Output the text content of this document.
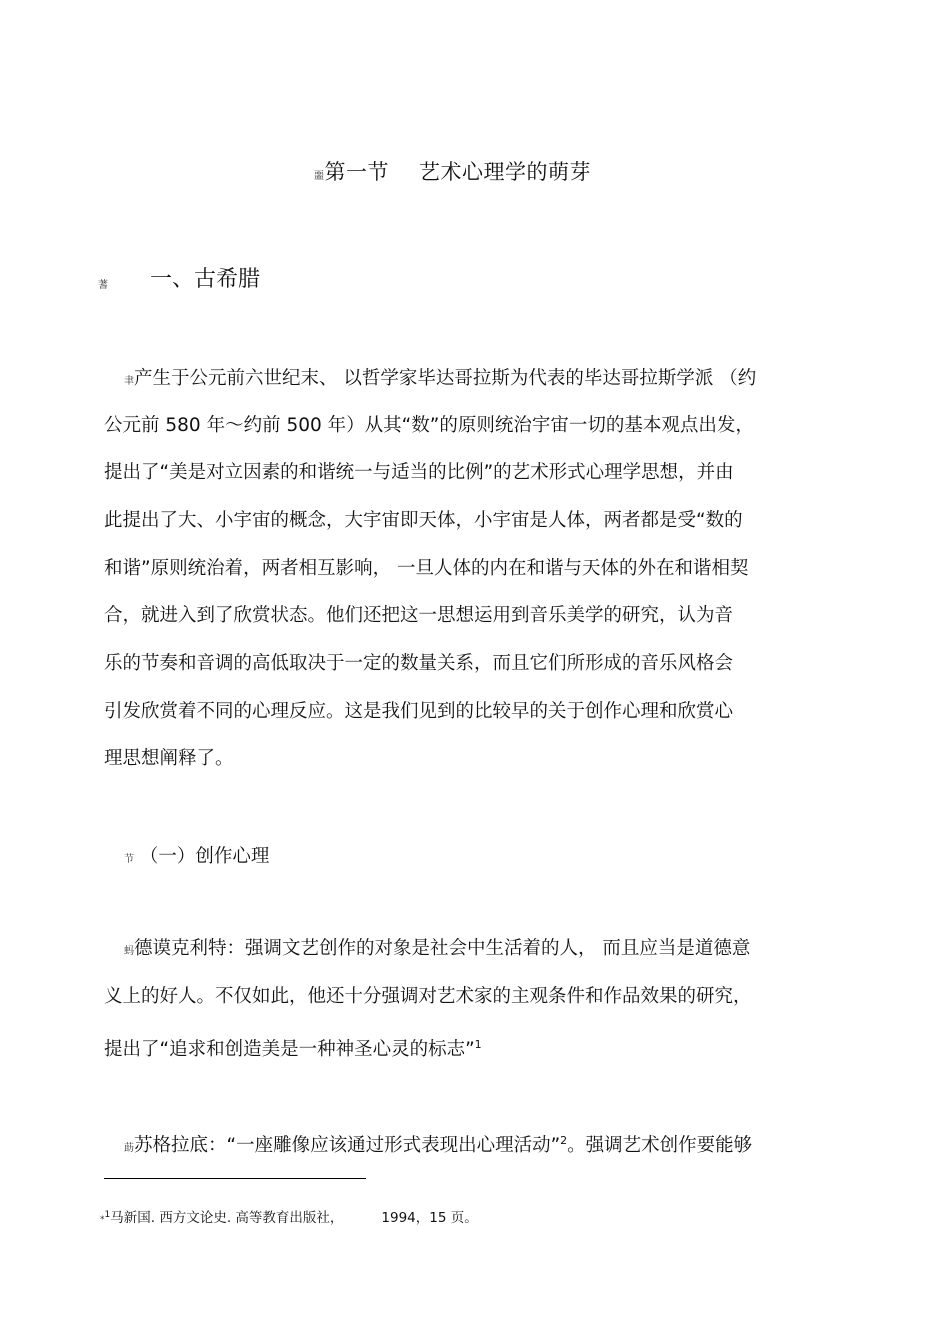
噩第一节 艺术心理学的萌芽
蓍 一、古希腊
聿产生于公元前六世纪末、 以哲学家毕达哥拉斯为代表的毕达哥拉斯学派 （约
公元前 580 年～约前 500 年）从其“数”的原则统治宇宙一切的基本观点出发，
提出了“美是对立因素的和谐统一与适当的比例”的艺术形式心理学思想，并由
此提出了大、小宇宙的概念，大宇宙即天体，小宇宙是人体，两者都是受“数的
和谐”原则统治着，两者相互影响， 一旦人体的内在和谐与天体的外在和谐相契
合，就进入到了欣赏状态。他们还把这一思想运用到音乐美学的研究，认为音
乐的节奏和音调的高低取决于一定的数量关系，而且它们所形成的音乐风格会
引发欣赏着不同的心理反应。这是我们见到的比较早的关于创作心理和欣赏心
理思想阐释了。
节 （一）创作心理
蚂德谟克利特：强调文艺创作的对象是社会中生活着的人， 而且应当是道德意
义上的好人。不仅如此，他还十分强调对艺术家的主观条件和作品效果的研究，
提出了“追求和创造美是一种神圣心灵的标志”$^1$
莇苏格拉底：“一座雕像应该通过形式表现出心理活动”$^2$。强调艺术创作要能够
*$^1$马新国. 西方文论史. 高等教育出版社，	1994，15 页。
